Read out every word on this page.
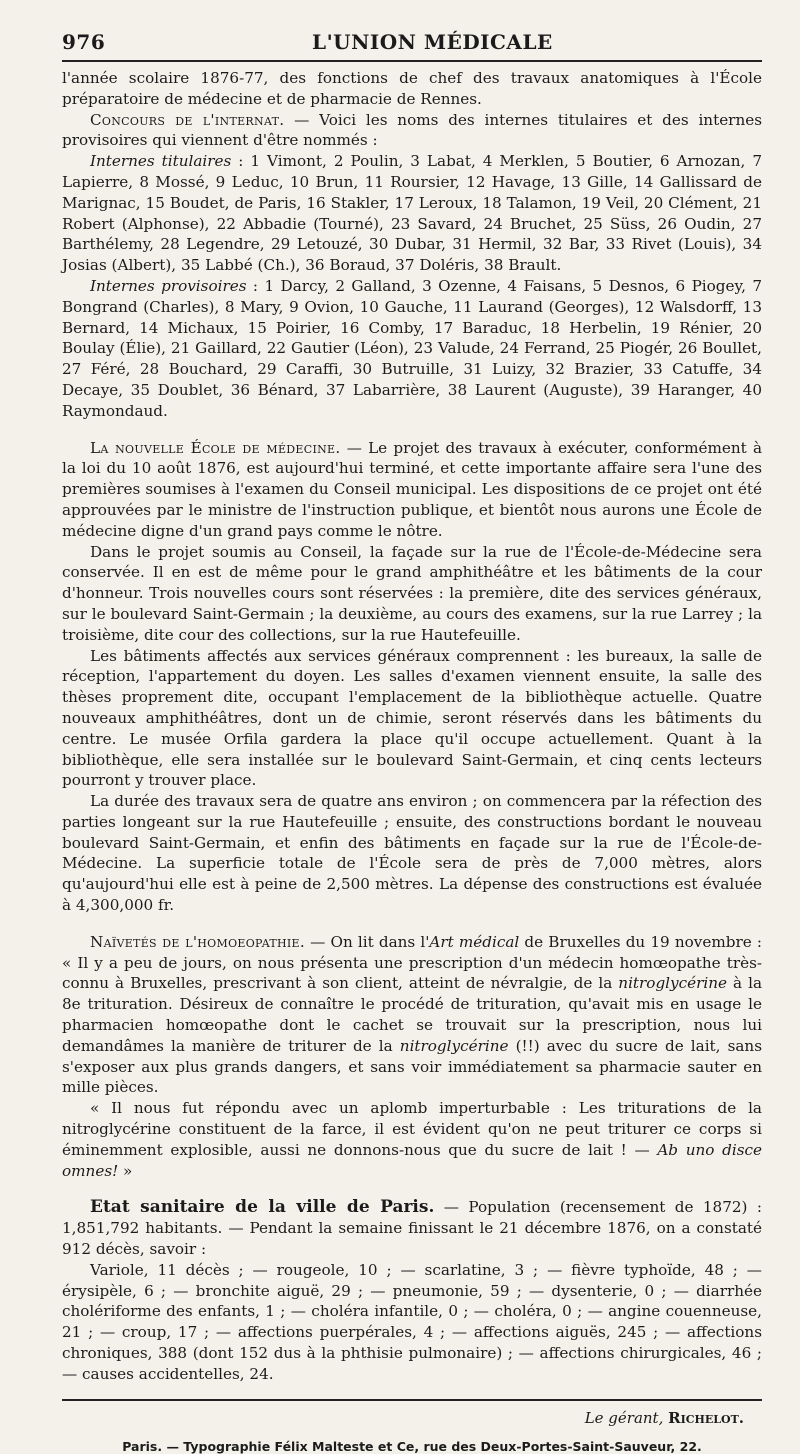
976	L'UNION MÉDICALE

l'année scolaire 1876-77, des fonctions de chef des travaux anatomiques à l'École préparatoire de médecine et de pharmacie de Rennes.

Concours de l'internat. — Voici les noms des internes titulaires et des internes provisoires qui viennent d'être nommés :

Internes titulaires : 1 Vimont, 2 Poulin, 3 Labat, 4 Merklen, 5 Boutier, 6 Arnozan, 7 Lapierre, 8 Mossé, 9 Leduc, 10 Brun, 11 Roursier, 12 Havage, 13 Gille, 14 Gallissard de Marignac, 15 Boudet, de Paris, 16 Stakler, 17 Leroux, 18 Talamon, 19 Veil, 20 Clément, 21 Robert (Alphonse), 22 Abbadie (Tourné), 23 Savard, 24 Bruchet, 25 Süss, 26 Oudin, 27 Barthélemy, 28 Legendre, 29 Letouzé, 30 Dubar, 31 Hermil, 32 Bar, 33 Rivet (Louis), 34 Josias (Albert), 35 Labbé (Ch.), 36 Boraud, 37 Doléris, 38 Brault.

Internes provisoires : 1 Darcy, 2 Galland, 3 Ozenne, 4 Faisans, 5 Desnos, 6 Piogey, 7 Bongrand (Charles), 8 Mary, 9 Ovion, 10 Gauche, 11 Laurand (Georges), 12 Walsdorff, 13 Bernard, 14 Michaux, 15 Poirier, 16 Comby, 17 Baraduc, 18 Herbelin, 19 Rénier, 20 Boulay (Élie), 21 Gaillard, 22 Gautier (Léon), 23 Valude, 24 Ferrand, 25 Piogér, 26 Boullet, 27 Féré, 28 Bouchard, 29 Caraffi, 30 Butruille, 31 Luizy, 32 Brazier, 33 Catuffe, 34 Decaye, 35 Doublet, 36 Bénard, 37 Labarrière, 38 Laurent (Auguste), 39 Haranger, 40 Raymondaud.

La nouvelle École de médecine. — Le projet des travaux à exécuter, conformément à la loi du 10 août 1876, est aujourd'hui terminé, et cette importante affaire sera l'une des premières soumises à l'examen du Conseil municipal. Les dispositions de ce projet ont été approuvées par le ministre de l'instruction publique, et bientôt nous aurons une École de médecine digne d'un grand pays comme le nôtre.

Dans le projet soumis au Conseil, la façade sur la rue de l'École-de-Médecine sera conservée. Il en est de même pour le grand amphithéâtre et les bâtiments de la cour d'honneur. Trois nouvelles cours sont réservées : la première, dite des services généraux, sur le boulevard Saint-Germain ; la deuxième, au cours des examens, sur la rue Larrey ; la troisième, dite cour des collections, sur la rue Hautefeuille.

Les bâtiments affectés aux services généraux comprennent : les bureaux, la salle de réception, l'appartement du doyen. Les salles d'examen viennent ensuite, la salle des thèses proprement dite, occupant l'emplacement de la bibliothèque actuelle. Quatre nouveaux amphithéâtres, dont un de chimie, seront réservés dans les bâtiments du centre. Le musée Orfila gardera la place qu'il occupe actuellement. Quant à la bibliothèque, elle sera installée sur le boulevard Saint-Germain, et cinq cents lecteurs pourront y trouver place.

La durée des travaux sera de quatre ans environ ; on commencera par la réfection des parties longeant sur la rue Hautefeuille ; ensuite, des constructions bordant le nouveau boulevard Saint-Germain, et enfin des bâtiments en façade sur la rue de l'École-de-Médecine. La superficie totale de l'École sera de près de 7,000 mètres, alors qu'aujourd'hui elle est à peine de 2,500 mètres. La dépense des constructions est évaluée à 4,300,000 fr.

Naïvetés de l'homoeopathie. — On lit dans l'Art médical de Bruxelles du 19 novembre : « Il y a peu de jours, on nous présenta une prescription d'un médecin homœopathe très-connu à Bruxelles, prescrivant à son client, atteint de névralgie, de la nitroglycérine à la 8e trituration. Désireux de connaître le procédé de trituration, qu'avait mis en usage le pharmacien homœopathe dont le cachet se trouvait sur la prescription, nous lui demandâmes la manière de triturer de la nitroglycérine (!!) avec du sucre de lait, sans s'exposer aux plus grands dangers, et sans voir immédiatement sa pharmacie sauter en mille pièces.

« Il nous fut répondu avec un aplomb imperturbable : Les triturations de la nitroglycérine constituent de la farce, il est évident qu'on ne peut triturer ce corps si éminemment explosible, aussi ne donnons-nous que du sucre de lait ! — Ab uno disce omnes! »

Etat sanitaire de la ville de Paris. — Population (recensement de 1872) : 1,851,792 habitants. — Pendant la semaine finissant le 21 décembre 1876, on a constaté 912 décès, savoir :

Variole, 11 décès ; — rougeole, 10 ; — scarlatine, 3 ; — fièvre typhoïde, 48 ; — érysipèle, 6 ; — bronchite aiguë, 29 ; — pneumonie, 59 ; — dysenterie, 0 ; — diarrhée cholériforme des enfants, 1 ; — choléra infantile, 0 ; — choléra, 0 ; — angine couenneuse, 21 ; — croup, 17 ; — affections puerpérales, 4 ; — affections aiguës, 245 ; — affections chroniques, 388 (dont 152 dus à la phthisie pulmonaire) ; — affections chirurgicales, 46 ; — causes accidentelles, 24.

Le gérant, Richelot.
Paris. — Typographie Félix Malteste et Ce, rue des Deux-Portes-Saint-Sauveur, 22.
